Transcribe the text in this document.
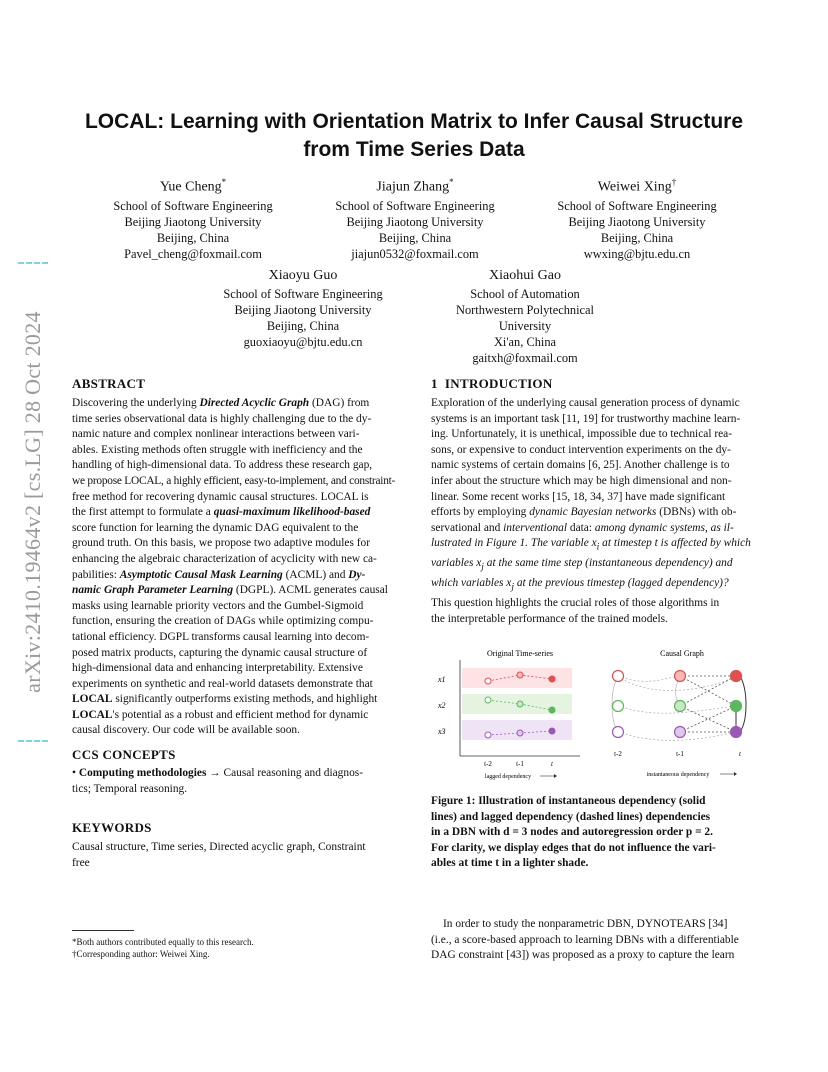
arXiv:2410.19464v2 [cs.LG] 28 Oct 2024
LOCAL: Learning with Orientation Matrix to Infer Causal Structure from Time Series Data
Yue Cheng*
School of Software Engineering
Beijing Jiaotong University
Beijing, China
Pavel_cheng@foxmail.com
Jiajun Zhang*
School of Software Engineering
Beijing Jiaotong University
Beijing, China
jiajun0532@foxmail.com
Weiwei Xing†
School of Software Engineering
Beijing Jiaotong University
Beijing, China
wwxing@bjtu.edu.cn
Xiaoyu Guo
School of Software Engineering
Beijing Jiaotong University
Beijing, China
guoxiaoyu@bjtu.edu.cn
Xiaohui Gao
School of Automation
Northwestern Polytechnical
University
Xi'an, China
gaitxh@foxmail.com
ABSTRACT
Discovering the underlying Directed Acyclic Graph (DAG) from
time series observational data is highly challenging due to the dy-
namic nature and complex nonlinear interactions between vari-
ables. Existing methods often struggle with inefficiency and the
handling of high-dimensional data. To address these research gap,
we propose LOCAL, a highly efficient, easy-to-implement, and constraint-
free method for recovering dynamic causal structures. LOCAL is
the first attempt to formulate a quasi-maximum likelihood-based
score function for learning the dynamic DAG equivalent to the
ground truth. On this basis, we propose two adaptive modules for
enhancing the algebraic characterization of acyclicity with new ca-
pabilities: Asymptotic Causal Mask Learning (ACML) and Dy-
namic Graph Parameter Learning (DGPL). ACML generates causal
masks using learnable priority vectors and the Gumbel-Sigmoid
function, ensuring the creation of DAGs while optimizing compu-
tational efficiency. DGPL transforms causal learning into decom-
posed matrix products, capturing the dynamic causal structure of
high-dimensional data and enhancing interpretability. Extensive
experiments on synthetic and real-world datasets demonstrate that
LOCAL significantly outperforms existing methods, and highlight
LOCAL's potential as a robust and efficient method for dynamic
causal discovery. Our code will be available soon.
CCS CONCEPTS
• Computing methodologies → Causal reasoning and diagnos-
tics; Temporal reasoning.
KEYWORDS
Causal structure, Time series, Directed acyclic graph, Constraint
free
*Both authors contributed equally to this research.
†Corresponding author: Weiwei Xing.
1 INTRODUCTION
Exploration of the underlying causal generation process of dynamic
systems is an important task [11, 19] for trustworthy machine learn-
ing. Unfortunately, it is unethical, impossible due to technical rea-
sons, or expensive to conduct intervention experiments on the dy-
namic systems of certain domains [6, 25]. Another challenge is to
infer about the structure which may be high dimensional and non-
linear. Some recent works [15, 18, 34, 37] have made significant
efforts by employing dynamic Bayesian networks (DBNs) with ob-
servational and interventional data: among dynamic systems, as il-
lustrated in Figure 1. The variable $x_i$ at timestep t is affected by which
variables $x_j$ at the same time step (instantaneous dependency) and
which variables $x_j$ at the previous timestep (lagged dependency)?
This question highlights the crucial roles of those algorithms in
the interpretable performance of the trained models.
Original Time-series
x1
x2
x3
t-2	t-1	t
lagged dependency
Causal Graph
t-2	t-1	t
instantaneous dependency
Figure 1: Illustration of instantaneous dependency (solid
lines) and lagged dependency (dashed lines) dependencies
in a DBN with d = 3 nodes and autoregression order p = 2.
For clarity, we display edges that do not influence the vari-
ables at time t in a lighter shade.
In order to study the nonparametric DBN, DYNOTEARS [34]
(i.e., a score-based approach to learning DBNs with a differentiable
DAG constraint [43]) was proposed as a proxy to capture the learn
